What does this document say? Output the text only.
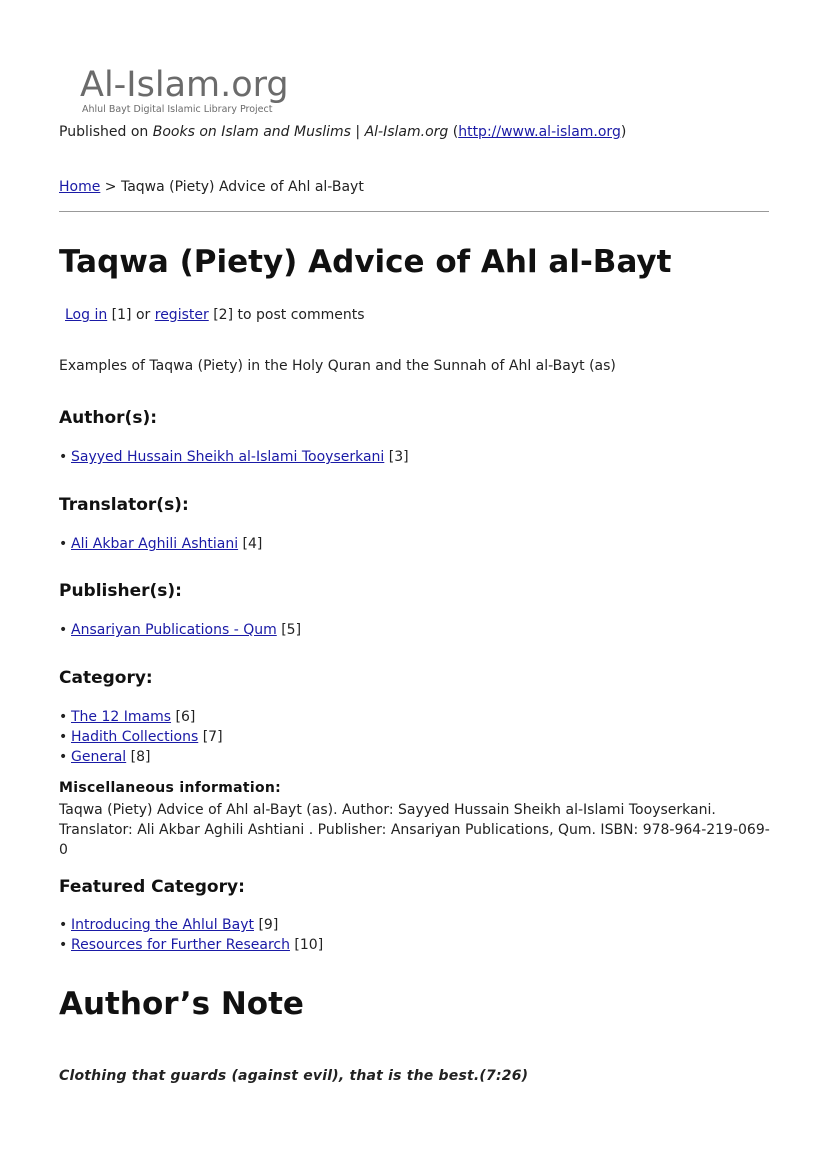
Al-Islam.org
Ahlul Bayt Digital Islamic Library Project
Published on Books on Islam and Muslims | Al-Islam.org (http://www.al-islam.org)
Home > Taqwa (Piety) Advice of Ahl al-Bayt
Taqwa (Piety) Advice of Ahl al-Bayt
Log in [1] or register [2] to post comments
Examples of Taqwa (Piety) in the Holy Quran and the Sunnah of Ahl al-Bayt (as)
Author(s):
• Sayyed Hussain Sheikh al-Islami Tooyserkani [3]
Translator(s):
• Ali Akbar Aghili Ashtiani [4]
Publisher(s):
• Ansariyan Publications - Qum [5]
Category:
• The 12 Imams [6]
• Hadith Collections [7]
• General [8]
Miscellaneous information:
Taqwa (Piety) Advice of Ahl al-Bayt (as). Author: Sayyed Hussain Sheikh al-Islami Tooyserkani. Translator: Ali Akbar Aghili Ashtiani . Publisher: Ansariyan Publications, Qum. ISBN: 978-964-219-069-0
Featured Category:
• Introducing the Ahlul Bayt [9]
• Resources for Further Research [10]
Author’s Note
Clothing that guards (against evil), that is the best.(7:26)
